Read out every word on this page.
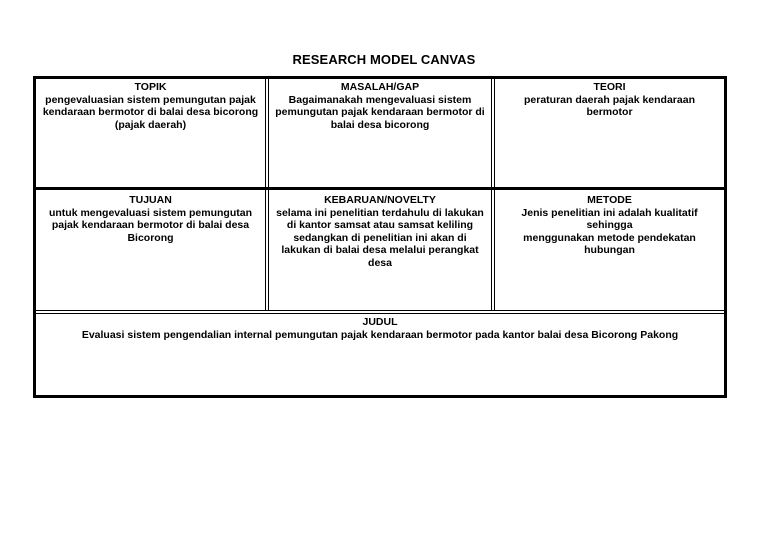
RESEARCH MODEL CANVAS
TOPIK
pengevaluasian sistem pemungutan pajak kendaraan bermotor di balai desa bicorong (pajak daerah)
MASALAH/GAP
Bagaimanakah mengevaluasi sistem pemungutan pajak kendaraan bermotor di balai desa bicorong
TEORI
peraturan daerah pajak kendaraan bermotor
TUJUAN
untuk mengevaluasi sistem pemungutan pajak kendaraan bermotor di balai desa Bicorong
KEBARUAN/NOVELTY
selama ini penelitian terdahulu di lakukan di kantor samsat atau samsat keliling sedangkan di penelitian ini akan di lakukan di balai desa melalui perangkat desa
METODE
Jenis penelitian ini adalah kualitatif sehingga
menggunakan metode pendekatan hubungan
JUDUL
Evaluasi sistem pengendalian internal pemungutan pajak kendaraan bermotor pada kantor balai desa Bicorong Pakong
